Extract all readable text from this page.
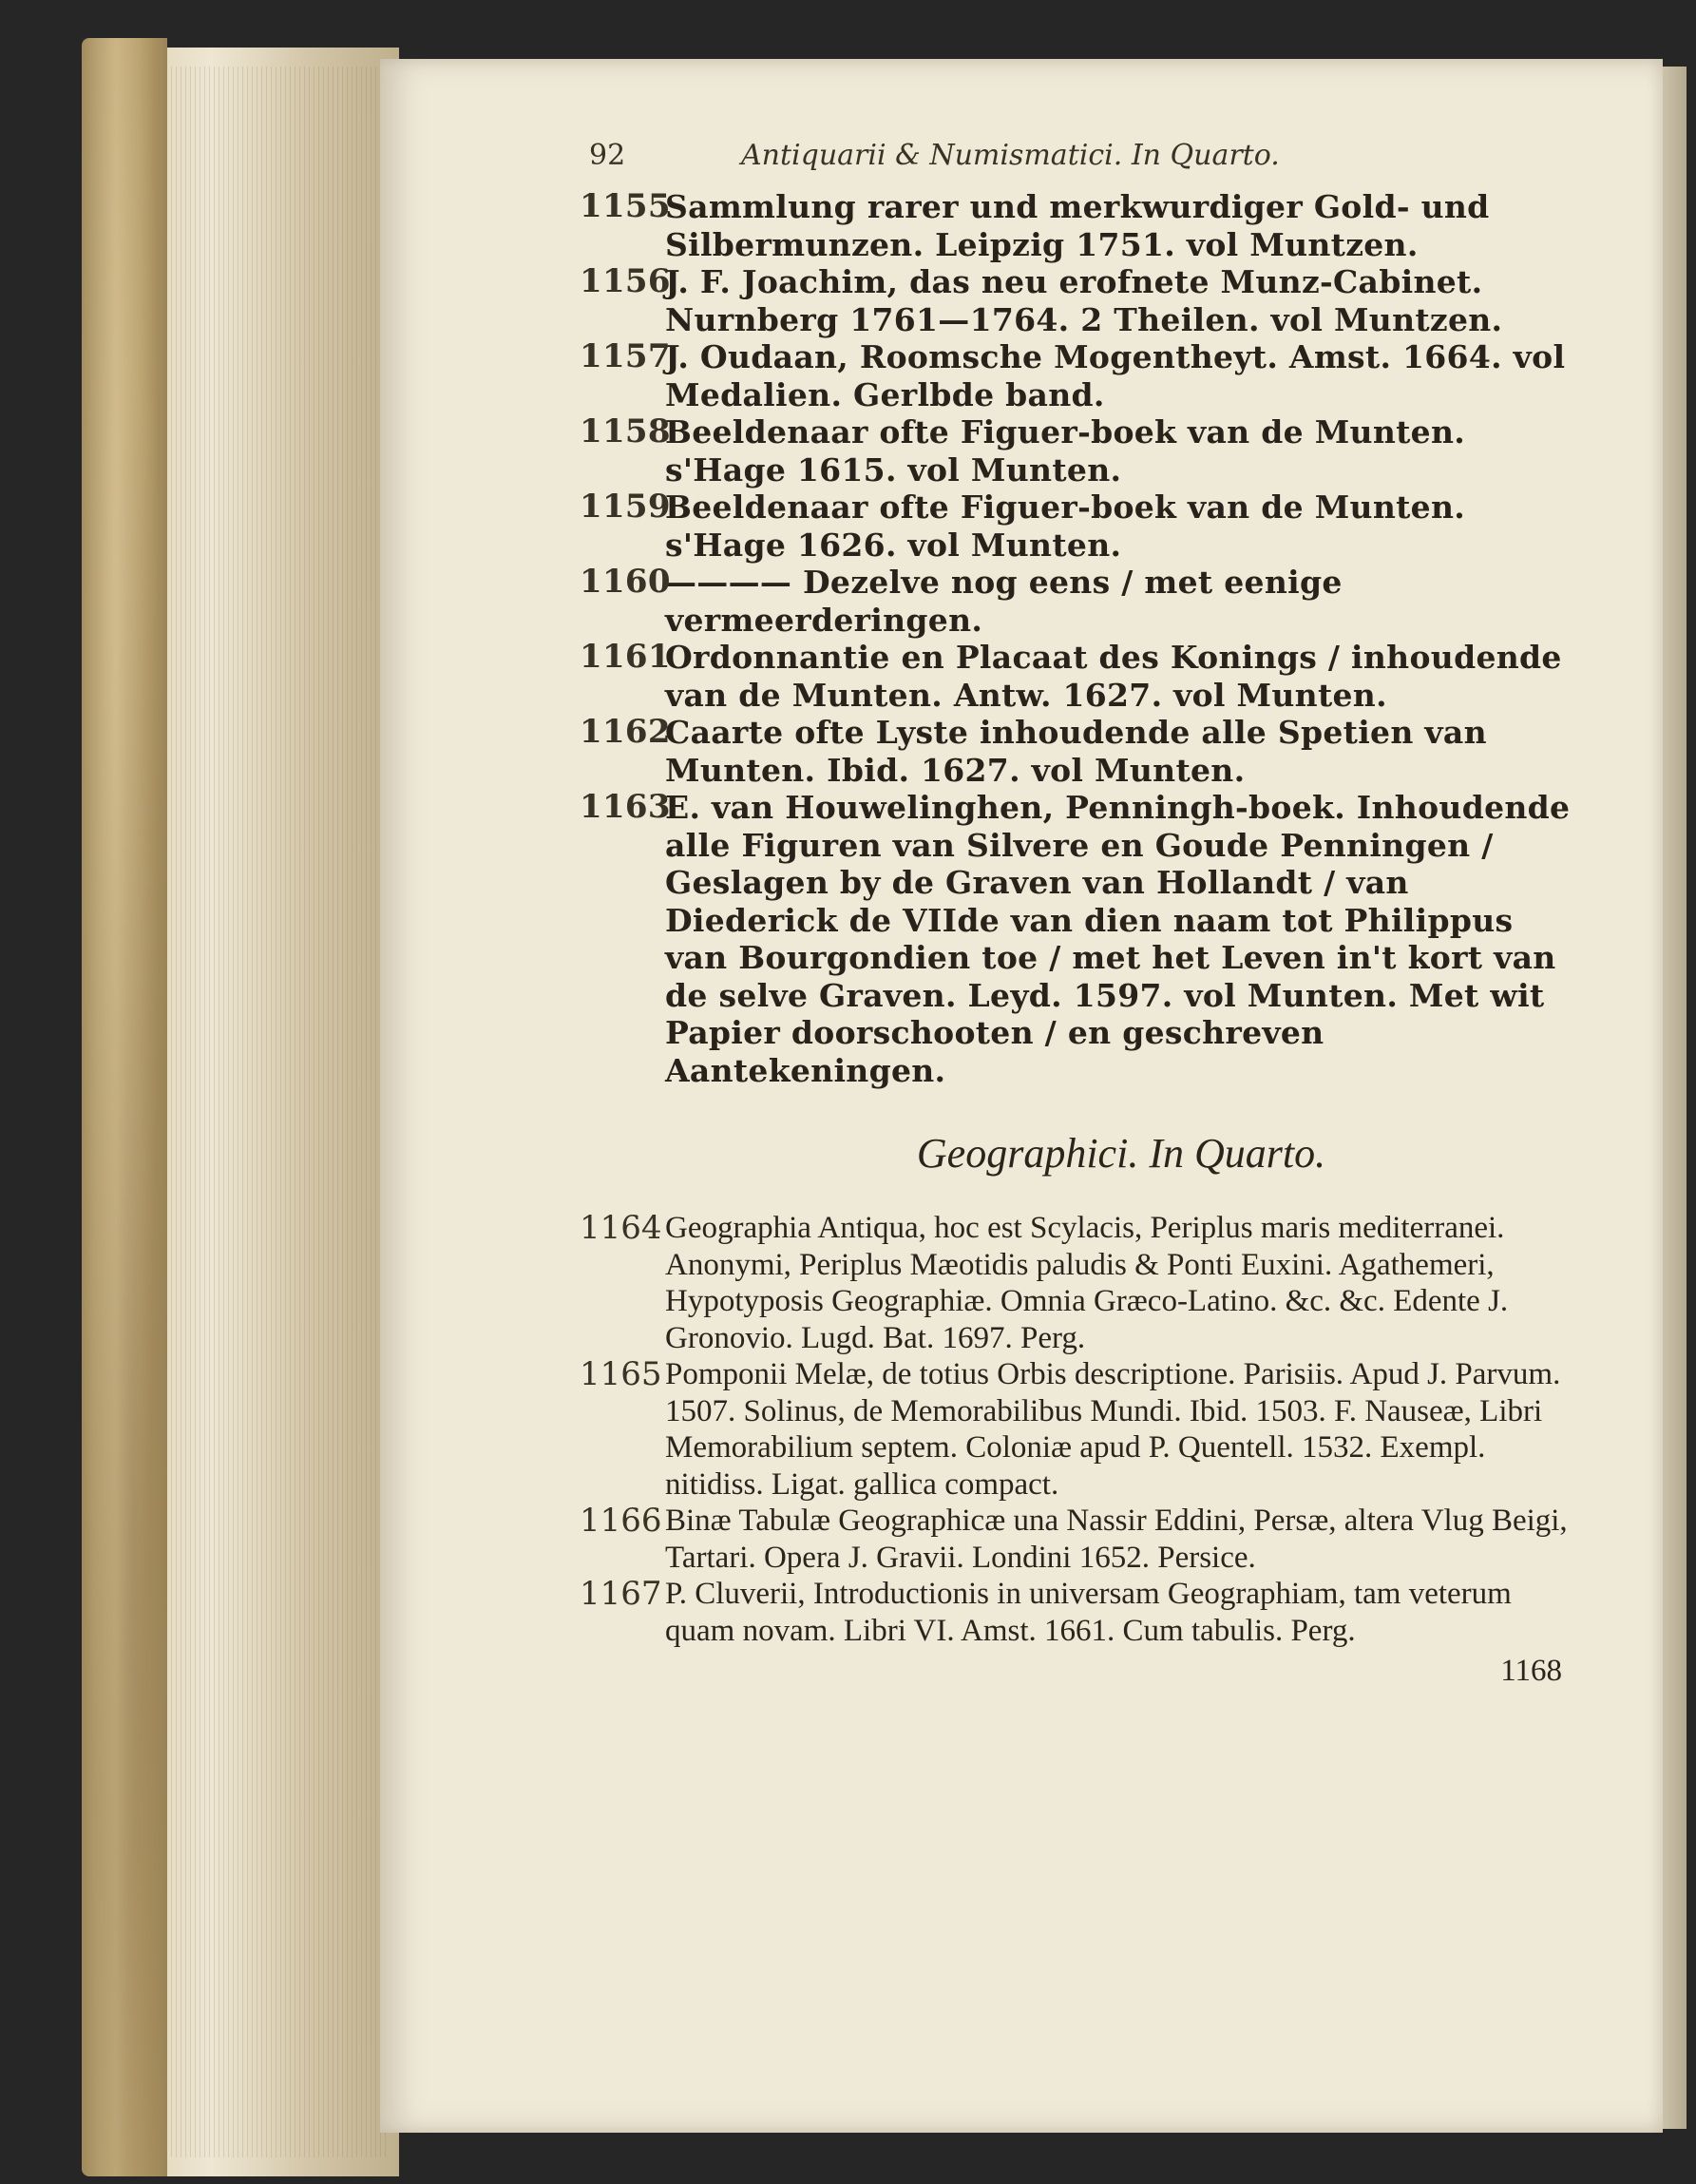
92	Antiquarii & Numismatici. In Quarto.
1155
Sammlung rarer und merkwurdiger Gold- und Silbermunzen. Leipzig 1751. vol Muntzen.
1156
J. F. Joachim, das neu erofnete Munz-Cabinet. Nurnberg 1761—1764. 2 Theilen. vol Muntzen.
1157
J. Oudaan, Roomsche Mogentheyt. Amst. 1664. vol Medalien. Gerlbde band.
1158
Beeldenaar ofte Figuer-boek van de Munten. s'Hage 1615. vol Munten.
1159
Beeldenaar ofte Figuer-boek van de Munten. s'Hage 1626. vol Munten.
1160
———— Dezelve nog eens / met eenige vermeerderingen.
1161
Ordonnantie en Placaat des Konings / inhoudende van de Munten. Antw. 1627. vol Munten.
1162
Caarte ofte Lyste inhoudende alle Spetien van Munten. Ibid. 1627. vol Munten.
1163
E. van Houwelinghen, Penningh-boek. Inhoudende alle Figuren van Silvere en Goude Penningen / Geslagen by de Graven van Hollandt / van Diederick de VIIde van dien naam tot Philippus van Bourgondien toe / met het Leven in't kort van de selve Graven. Leyd. 1597. vol Munten. Met wit Papier doorschooten / en geschreven Aantekeningen.
Geographici. In Quarto.
1164 Geographia Antiqua, hoc est Scylacis, Periplus maris mediterranei. Anonymi, Periplus Mæotidis paludis & Ponti Euxini. Agathemeri, Hypotyposis Geographiæ. Omnia Græco-Latino. &c. &c. Edente J. Gronovio. Lugd. Bat. 1697. Perg.
1165 Pomponii Melæ, de totius Orbis descriptione. Parisiis. Apud J. Parvum. 1507. Solinus, de Memorabilibus Mundi. Ibid. 1503. F. Nauseæ, Libri Memorabilium septem. Coloniæ apud P. Quentell. 1532. Exempl. nitidiss. Ligat. gallica compact.
1166 Binæ Tabulæ Geographicæ una Nassir Eddini, Persæ, altera Vlug Beigi, Tartari. Opera J. Gravii. Londini 1652. Persice.
1167 P. Cluverii, Introductionis in universam Geographiam, tam veterum quam novam. Libri VI. Amst. 1661. Cum tabulis. Perg.
1168
